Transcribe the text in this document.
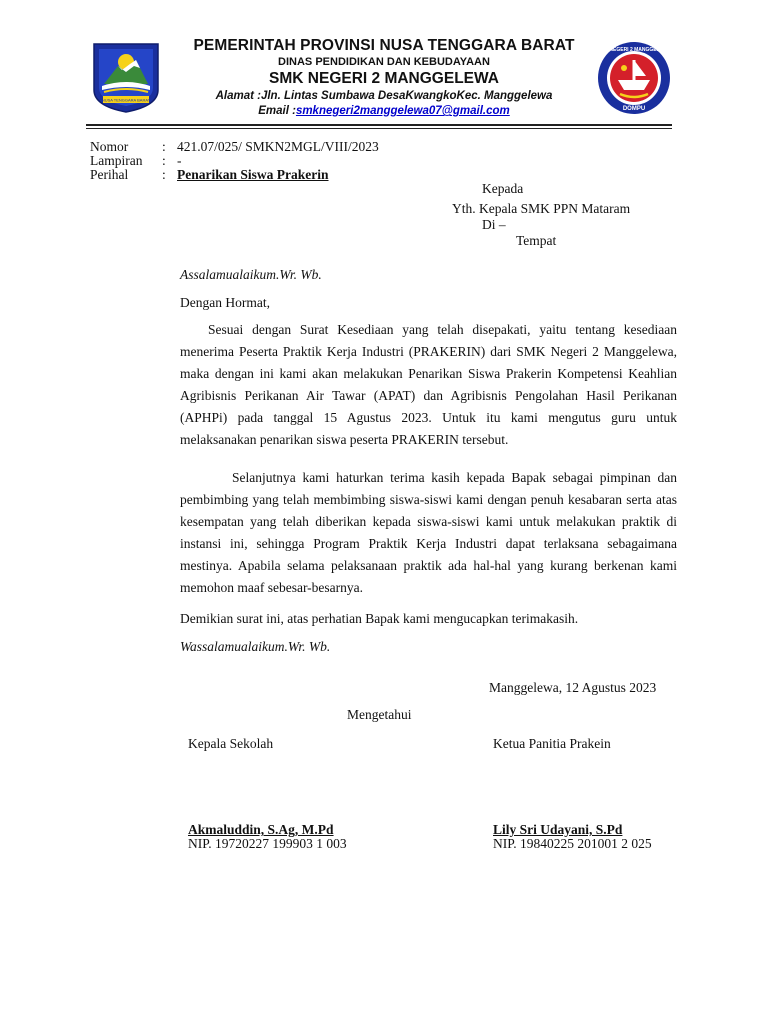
NUSA TENGGARA BARAT
SMK NEGERI 2 MANGGELEWA
DOMPU
PEMERINTAH PROVINSI NUSA TENGGARA BARAT
DINAS PENDIDIKAN DAN KEBUDAYAAN
SMK NEGERI 2 MANGGELEWA
Alamat :Jln. Lintas Sumbawa DesaKwangkoKec. Manggelewa
Email :smknegeri2manggelewa07@gmail.com
Nomor	: 421.07/025/ SMKN2MGL/VIII/2023
Lampiran : -
Perihal	: Penarikan Siswa Prakerin
Kepada
Yth. Kepala SMK PPN Mataram
Di –
Tempat
Assalamualaikum.Wr. Wb.
Dengan Hormat,
Sesuai dengan Surat Kesediaan yang telah disepakati, yaitu tentang kesediaan menerima Peserta Praktik Kerja Industri (PRAKERIN) dari SMK Negeri 2 Manggelewa, maka dengan ini kami akan melakukan Penarikan Siswa Prakerin Kompetensi Keahlian Agribisnis Perikanan Air Tawar (APAT) dan Agribisnis Pengolahan Hasil Perikanan (APHPi) pada tanggal 15 Agustus 2023. Untuk itu kami mengutus guru untuk melaksanakan penarikan siswa peserta PRAKERIN tersebut.
Selanjutnya kami haturkan terima kasih kepada Bapak sebagai pimpinan dan pembimbing yang telah membimbing siswa-siswi kami dengan penuh kesabaran serta atas kesempatan yang telah diberikan kepada siswa-siswi kami untuk melakukan praktik di instansi ini, sehingga Program Praktik Kerja Industri dapat terlaksana sebagaimana mestinya. Apabila selama pelaksanaan praktik ada hal-hal yang kurang berkenan kami memohon maaf sebesar-besarnya.
Demikian surat ini, atas perhatian Bapak kami mengucapkan terimakasih.
Wassalamualaikum.Wr. Wb.
Manggelewa, 12 Agustus 2023
Mengetahui
Kepala Sekolah	Ketua Panitia Prakein
Akmaluddin, S.Ag, M.Pd
NIP. 19720227 199903 1 003
Lily Sri Udayani, S.Pd
NIP. 19840225 201001 2 025
